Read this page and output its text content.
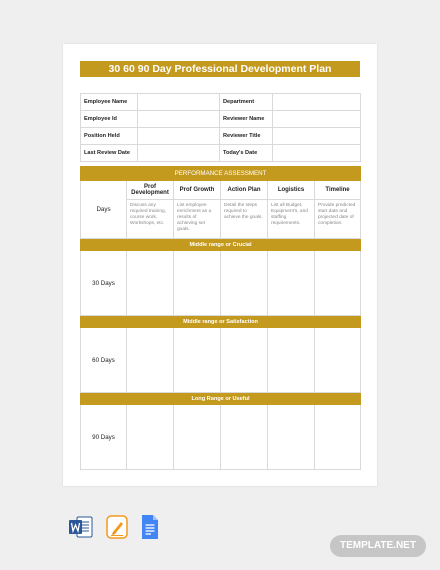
30 60 90 Day Professional Development Plan
Employee Name		Department	
Employee Id		Reviewer Name	
Position Held		Reviewer Title	
Last Review Date		Today's Date	
PERFORMANCE ASSESSMENT					
Days	Prof Development	Prof Growth	Action Plan	Logistics	Timeline
	Discuss any required training, course work, Workshops, etc.	List employee enrichment as a results of achieving set goals.	Detail the steps required to achieve the goals.	List all Budget, Equipment's, and staffing requirements.	Provide predicted start date and projected date of completion.
Middle range or Crucial					
30 Days					
Middle range or Satisfaction					
60 Days					
Long Range or Useful					
90 Days					
TEMPLATE.NET
